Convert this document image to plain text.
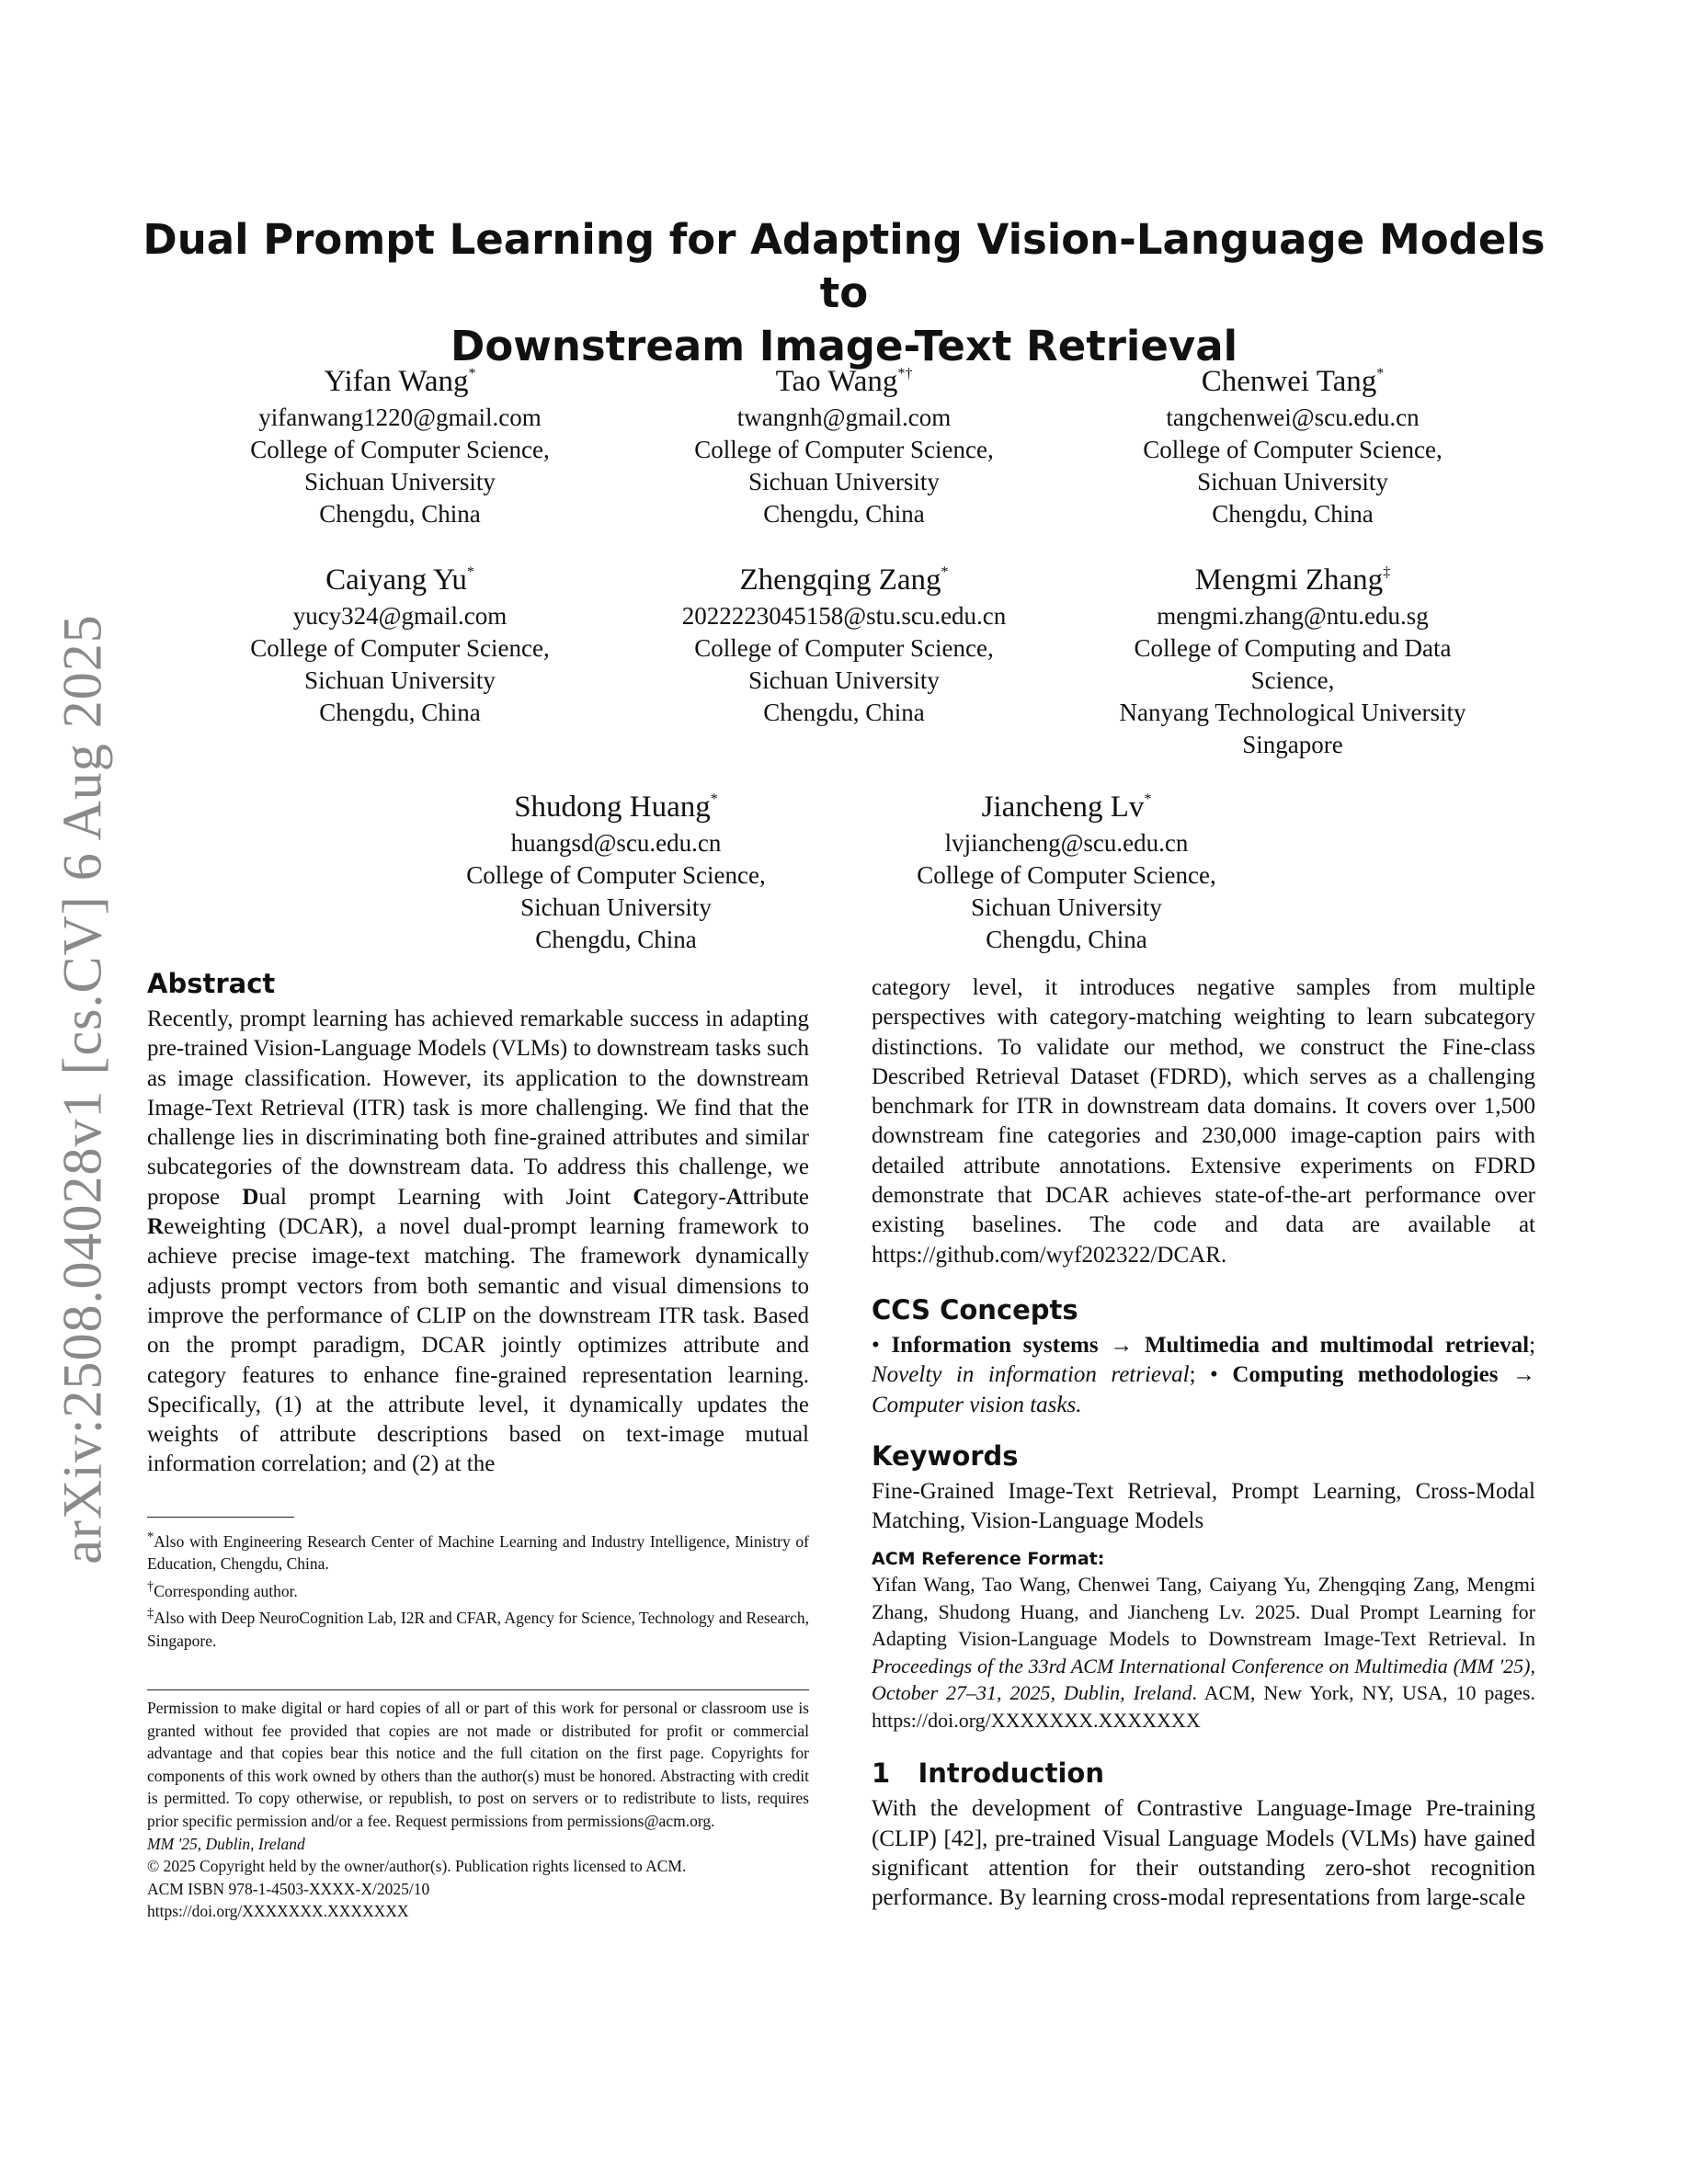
arXiv:2508.04028v1 [cs.CV] 6 Aug 2025
Dual Prompt Learning for Adapting Vision-Language Models to
Downstream Image-Text Retrieval
Yifan Wang*
yifanwang1220@gmail.com
College of Computer Science,
Sichuan University
Chengdu, China
Tao Wang*†
twangnh@gmail.com
College of Computer Science,
Sichuan University
Chengdu, China
Chenwei Tang*
tangchenwei@scu.edu.cn
College of Computer Science,
Sichuan University
Chengdu, China
Caiyang Yu*
yucy324@gmail.com
College of Computer Science,
Sichuan University
Chengdu, China
Zhengqing Zang*
2022223045158@stu.scu.edu.cn
College of Computer Science,
Sichuan University
Chengdu, China
Mengmi Zhang‡
mengmi.zhang@ntu.edu.sg
College of Computing and Data
Science,
Nanyang Technological University
Singapore
Shudong Huang*
huangsd@scu.edu.cn
College of Computer Science,
Sichuan University
Chengdu, China
Jiancheng Lv*
lvjiancheng@scu.edu.cn
College of Computer Science,
Sichuan University
Chengdu, China
Abstract

Recently, prompt learning has achieved remarkable success in adapting pre-trained Vision-Language Models (VLMs) to downstream tasks such as image classification. However, its application to the downstream Image-Text Retrieval (ITR) task is more challenging. We find that the challenge lies in discriminating both fine-grained attributes and similar subcategories of the downstream data. To address this challenge, we propose Dual prompt Learning with Joint Category-Attribute Reweighting (DCAR), a novel dual-prompt learning framework to achieve precise image-text matching. The framework dynamically adjusts prompt vectors from both semantic and visual dimensions to improve the performance of CLIP on the downstream ITR task. Based on the prompt paradigm, DCAR jointly optimizes attribute and category features to enhance fine-grained representation learning. Specifically, (1) at the attribute level, it dynamically updates the weights of attribute descriptions based on text-image mutual information correlation; and (2) at the

*Also with Engineering Research Center of Machine Learning and Industry Intelligence, Ministry of Education, Chengdu, China.

†Corresponding author.

‡Also with Deep NeuroCognition Lab, I2R and CFAR, Agency for Science, Technology and Research, Singapore.

Permission to make digital or hard copies of all or part of this work for personal or classroom use is granted without fee provided that copies are not made or distributed for profit or commercial advantage and that copies bear this notice and the full citation on the first page. Copyrights for components of this work owned by others than the author(s) must be honored. Abstracting with credit is permitted. To copy otherwise, or republish, to post on servers or to redistribute to lists, requires prior specific permission and/or a fee. Request permissions from permissions@acm.org.

MM '25, Dublin, Ireland

© 2025 Copyright held by the owner/author(s). Publication rights licensed to ACM.

ACM ISBN 978-1-4503-XXXX-X/2025/10

https://doi.org/XXXXXXX.XXXXXXX

category level, it introduces negative samples from multiple perspectives with category-matching weighting to learn subcategory distinctions. To validate our method, we construct the Fine-class Described Retrieval Dataset (FDRD), which serves as a challenging benchmark for ITR in downstream data domains. It covers over 1,500 downstream fine categories and 230,000 image-caption pairs with detailed attribute annotations. Extensive experiments on FDRD demonstrate that DCAR achieves state-of-the-art performance over existing baselines. The code and data are available at https://github.com/wyf202322/DCAR.

CCS Concepts

• Information systems → Multimedia and multimodal retrieval; Novelty in information retrieval; • Computing methodologies → Computer vision tasks.

Keywords

Fine-Grained Image-Text Retrieval, Prompt Learning, Cross-Modal Matching, Vision-Language Models

ACM Reference Format:

Yifan Wang, Tao Wang, Chenwei Tang, Caiyang Yu, Zhengqing Zang, Mengmi Zhang, Shudong Huang, and Jiancheng Lv. 2025. Dual Prompt Learning for Adapting Vision-Language Models to Downstream Image-Text Retrieval. In Proceedings of the 33rd ACM International Conference on Multimedia (MM '25), October 27–31, 2025, Dublin, Ireland. ACM, New York, NY, USA, 10 pages. https://doi.org/XXXXXXX.XXXXXXX

1 Introduction

With the development of Contrastive Language-Image Pre-training (CLIP) [42], pre-trained Visual Language Models (VLMs) have gained significant attention for their outstanding zero-shot recognition performance. By learning cross-modal representations from large-scale
